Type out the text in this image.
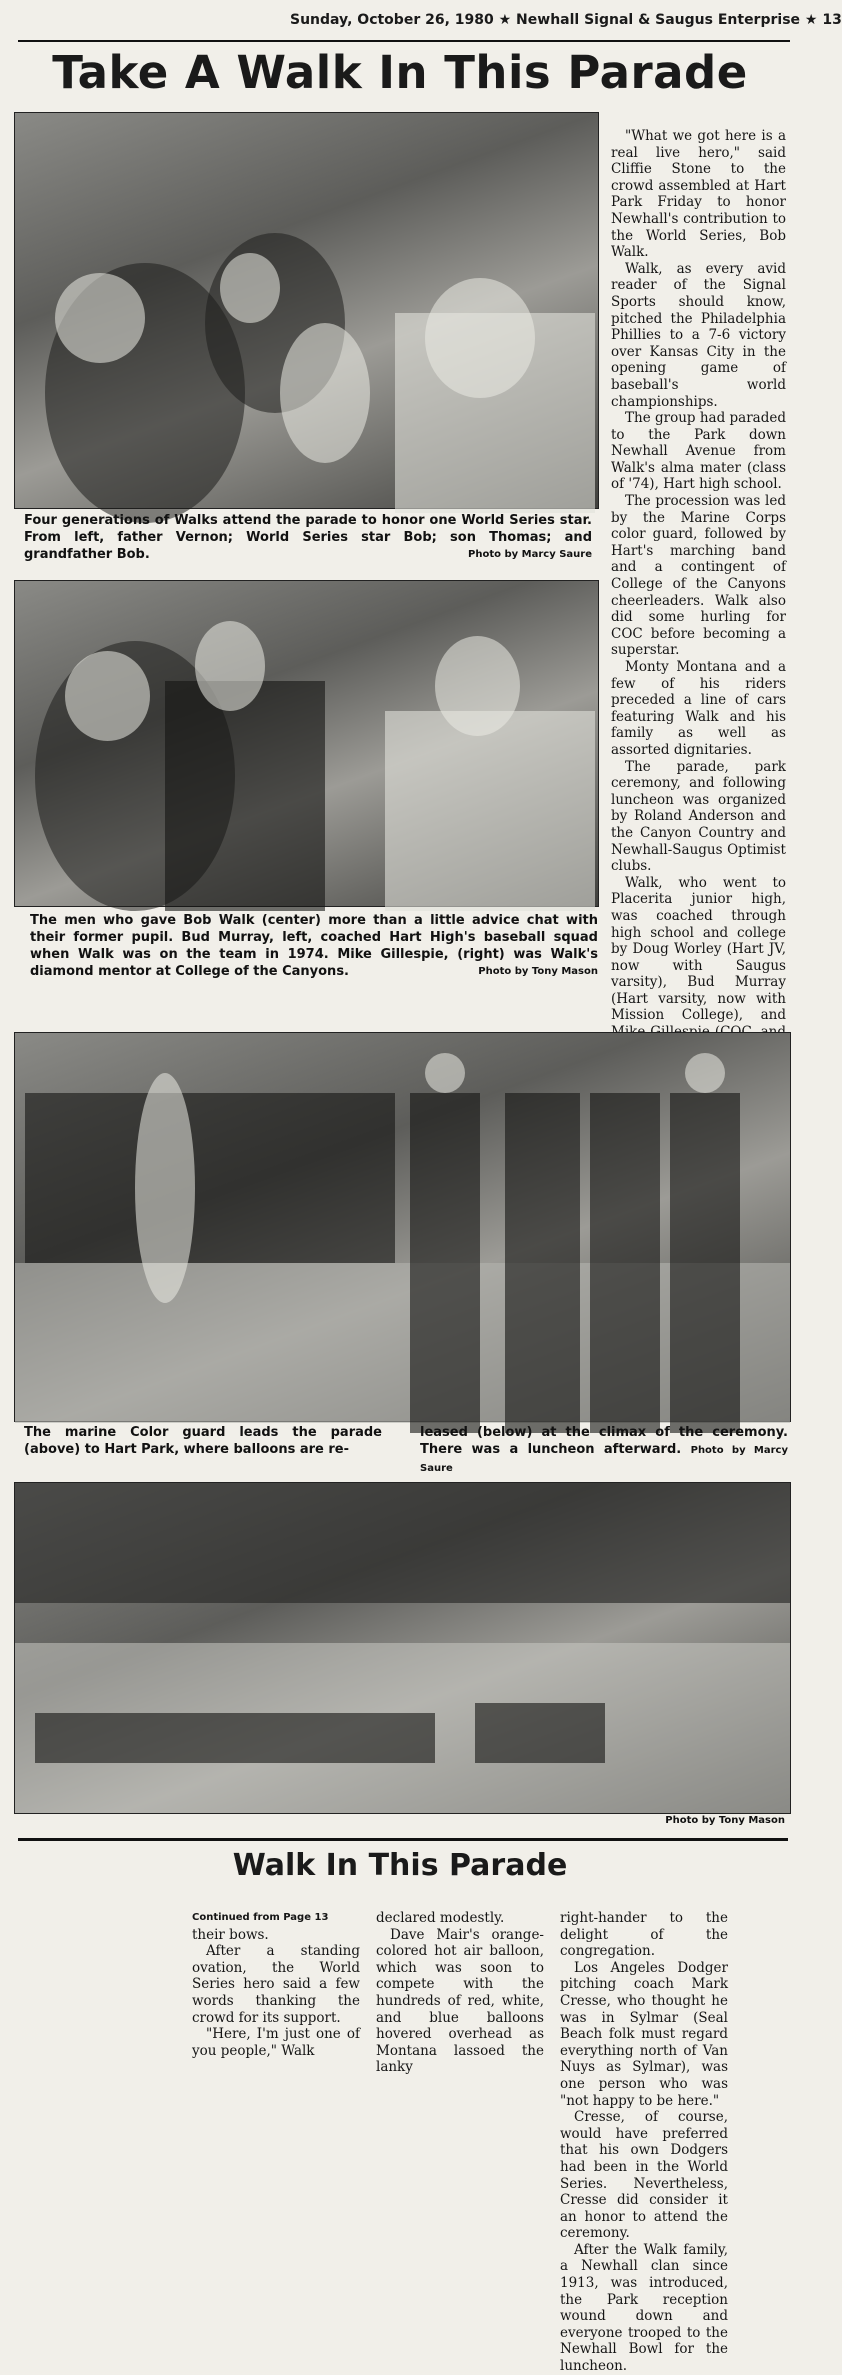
Sunday, October 26, 1980 ★ Newhall Signal & Saugus Enterprise ★ 13
Take A Walk In This Parade
Four generations of Walks attend the parade to honor one World Series star. From left, father Vernon; World Series star Bob; son Thomas; and grandfather Bob.	Photo by Marcy Saure
The men who gave Bob Walk (center) more than a little advice chat with their former pupil. Bud Murray, left, coached Hart High's baseball squad when Walk was on the team in 1974. Mike Gillespie, (right) was Walk's diamond mentor at College of the Canyons.	Photo by Tony Mason

"What we got here is a real live hero," said Cliffie Stone to the crowd assembled at Hart Park Friday to honor Newhall's contribution to the World Series, Bob Walk.

Walk, as every avid reader of the Signal Sports should know, pitched the Philadelphia Phillies to a 7-6 victory over Kansas City in the opening game of baseball's world championships.

The group had paraded to the Park down Newhall Avenue from Walk's alma mater (class of '74), Hart high school.

The procession was led by the Marine Corps color guard, followed by Hart's marching band and a contingent of College of the Canyons cheerleaders. Walk also did some hurling for COC before becoming a superstar.

Monty Montana and a few of his riders preceded a line of cars featuring Walk and his family as well as assorted dignitaries.

The parade, park ceremony, and following luncheon was organized by Roland Anderson and the Canyon Country and Newhall-Saugus Optimist clubs.

Walk, who went to Placerita junior high, was coached through high school and college by Doug Worley (Hart JV, now with Saugus varsity), Bud Murray (Hart varsity, now with Mission College), and

The marine Color guard leads the parade (above) to Hart Park, where balloons are re-
leased (below) at the climax of the ceremony. There was a luncheon afterward. Photo by Marcy Saure
Photo by Tony Mason
Walk In This Parade

Continued from Page 13

their bows.

After a standing ovation, the World Series hero said a few words thanking the crowd for its support.

"Here, I'm just one of you people," Walk

declared modestly.

Dave Mair's orange-colored hot air balloon, which was soon to compete with the hundreds of red, white, and blue balloons hovered overhead as Montana lassoed the lanky

right-hander to the delight of the congregation.

Los Angeles Dodger pitching coach Mark Cresse, who thought he was in Sylmar (Seal Beach folk must regard everything north of Van Nuys as Sylmar), was one person who was "not happy to be here."

Cresse, of course, would have preferred that his own Dodgers had been in the World Series. Nevertheless, Cresse did consider it an honor to attend the ceremony.

After the Walk family, a Newhall clan since 1913, was introduced, the Park reception wound down and everyone trooped to the Newhall Bowl for the luncheon.
